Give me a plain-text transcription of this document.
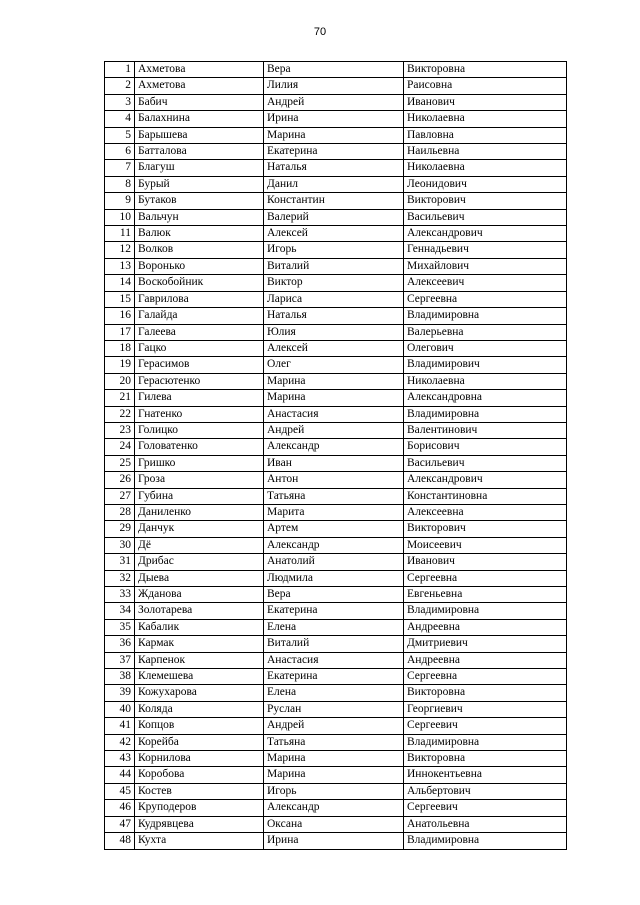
70
1	Ахметова	Вера	Викторовна
2	Ахметова	Лилия	Раисовна
3	Бабич	Андрей	Иванович
4	Балахнина	Ирина	Николаевна
5	Барышева	Марина	Павловна
6	Батталова	Екатерина	Наильевна
7	Благуш	Наталья	Николаевна
8	Бурый	Данил	Леонидович
9	Бутаков	Константин	Викторович
10	Вальчун	Валерий	Васильевич
11	Валюк	Алексей	Александрович
12	Волков	Игорь	Геннадьевич
13	Воронько	Виталий	Михайлович
14	Воскобойник	Виктор	Алексеевич
15	Гаврилова	Лариса	Сергеевна
16	Галайда	Наталья	Владимировна
17	Галеева	Юлия	Валерьевна
18	Гацко	Алексей	Олегович
19	Герасимов	Олег	Владимирович
20	Герасютенко	Марина	Николаевна
21	Гилева	Марина	Александровна
22	Гнатенко	Анастасия	Владимировна
23	Голицко	Андрей	Валентинович
24	Головатенко	Александр	Борисович
25	Гришко	Иван	Васильевич
26	Гроза	Антон	Александрович
27	Губина	Татьяна	Константиновна
28	Даниленко	Марита	Алексеевна
29	Данчук	Артем	Викторович
30	Дё	Александр	Моисеевич
31	Дрибас	Анатолий	Иванович
32	Дыева	Людмила	Сергеевна
33	Жданова	Вера	Евгеньевна
34	Золотарева	Екатерина	Владимировна
35	Кабалик	Елена	Андреевна
36	Кармак	Виталий	Дмитриевич
37	Карпенок	Анастасия	Андреевна
38	Клемешева	Екатерина	Сергеевна
39	Кожухарова	Елена	Викторовна
40	Коляда	Руслан	Георгиевич
41	Копцов	Андрей	Сергеевич
42	Корейба	Татьяна	Владимировна
43	Корнилова	Марина	Викторовна
44	Коробова	Марина	Иннокентьевна
45	Костев	Игорь	Альбертович
46	Круподеров	Александр	Сергеевич
47	Кудрявцева	Оксана	Анатольевна
48	Кухта	Ирина	Владимировна
